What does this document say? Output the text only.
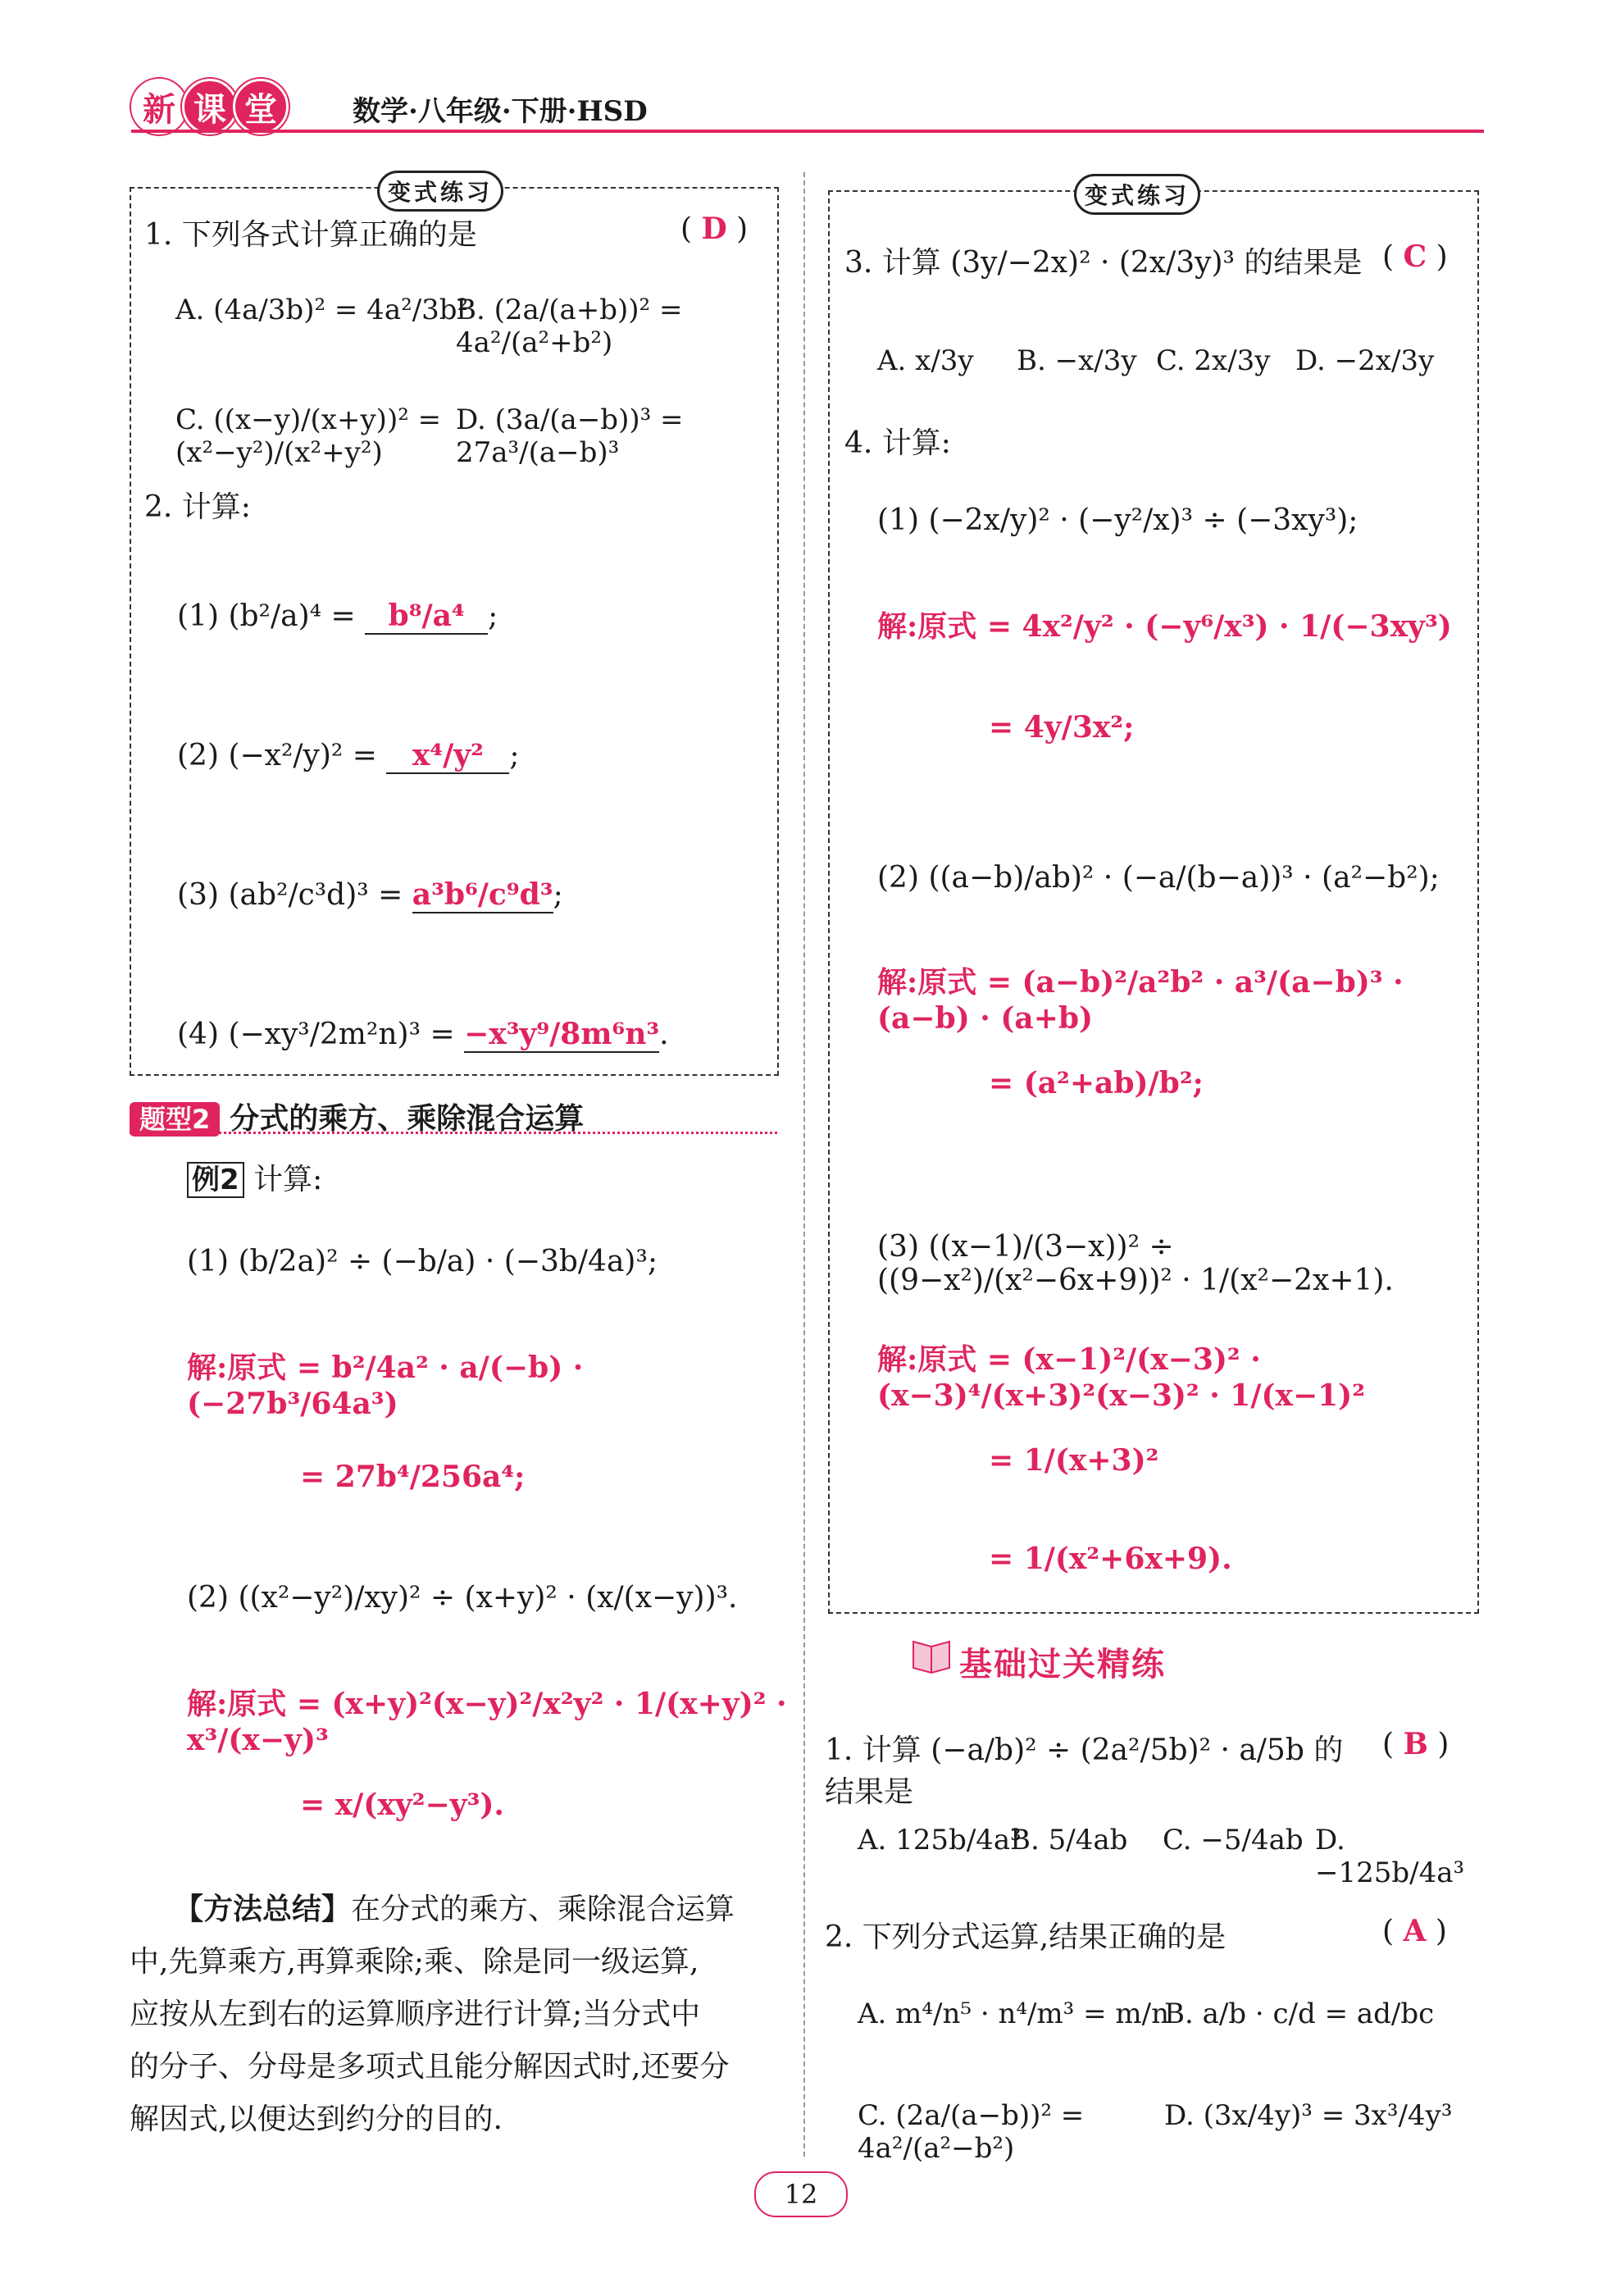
新 课 堂	数学·八年级·下册·HSD
变式练习
1. 下列各式计算正确的是	( D )
A. (4a/3b)² = 4a²/3b²
B. (2a/(a+b))² = 4a²/(a²+b²)
C. ((x−y)/(x+y))² = (x²−y²)/(x²+y²)
D. (3a/(a−b))³ = 27a³/(a−b)³
2. 计算:
(1) (b²/a)⁴ = b⁸/a⁴ ;
(2) (−x²/y)² = x⁴/y² ;
(3) (ab²/c³d)³ = a³b⁶/c⁹d³;
(4) (−xy³/2m²n)³ = −x³y⁹/8m⁶n³.
题型2 分式的乘方、乘除混合运算
例2 计算:
(1) (b/2a)² ÷ (−b/a) · (−3b/4a)³;
解:原式 = b²/4a² · a/(−b) · (−27b³/64a³)
= 27b⁴/256a⁴;
(2) ((x²−y²)/xy)² ÷ (x+y)² · (x/(x−y))³.
解:原式 = (x+y)²(x−y)²/x²y² · 1/(x+y)² · x³/(x−y)³
= x/(xy²−y³).
【方法总结】在分式的乘方、乘除混合运算
中,先算乘方,再算乘除;乘、除是同一级运算,
应按从左到右的运算顺序进行计算;当分式中
的分子、分母是多项式且能分解因式时,还要分
解因式,以便达到约分的目的.
变式练习
3. 计算 (3y/−2x)² · (2x/3y)³ 的结果是 ( C )
A. x/3y B. −x/3y C. 2x/3y D. −2x/3y
4. 计算:
(1) (−2x/y)² · (−y²/x)³ ÷ (−3xy³);
解:原式 = 4x²/y² · (−y⁶/x³) · 1/(−3xy³)
= 4y/3x²;
(2) ((a−b)/ab)² · (−a/(b−a))³ · (a²−b²);
解:原式 = (a−b)²/a²b² · a³/(a−b)³ · (a−b) · (a+b)
= (a²+ab)/b²;
(3) ((x−1)/(3−x))² ÷ ((9−x²)/(x²−6x+9))² · 1/(x²−2x+1).
解:原式 = (x−1)²/(x−3)² · (x−3)⁴/(x+3)²(x−3)² · 1/(x−1)²
= 1/(x+3)²
= 1/(x²+6x+9).
基础过关精练
1. 计算 (−a/b)² ÷ (2a²/5b)² · a/5b 的结果是
( B )
A. 125b/4a³
B. 5/4ab C. −5/4ab D. −125b/4a³
2. 下列分式运算,结果正确的是	( A )
A. m⁴/n⁵ · n⁴/m³ = m/n
B. a/b · c/d = ad/bc
C. (2a/(a−b))² = 4a²/(a²−b²)
D. (3x/4y)³ = 3x³/4y³
12
